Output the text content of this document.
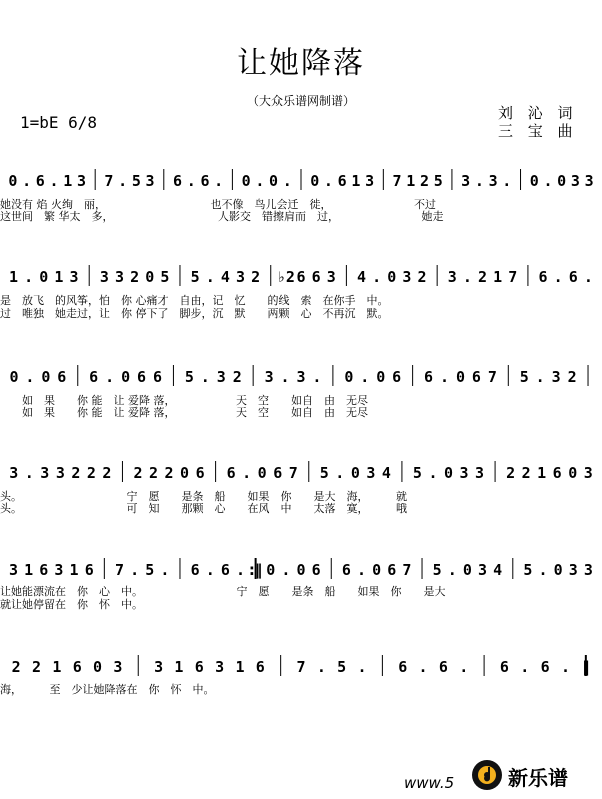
让她降落
（大众乐谱网制谱）
1=bE 6/8	刘 沁 词
三 宝 曲
0 . 6 . 1 3 7 . 5 3 6 . 6 . 0 . 0 . 0 . 6 1 3 7 1 2 5 3 . 3 . 0 . 0 3 3
她没有 焰 火绚　丽，　　　　　　　　　　也不像　鸟儿会迁　徙，　　　　　　　　不过
这世间　繁 华太　多，　　　　　　　　　　人影交　错擦肩而　过，　　　　　　　　她走
1 . 0 1 3 3 3 2 0 5 5 . 4 3 2 ♭2 6 6 3 4 . 0 3 2 3 . 2 1 7 6 . 6 .
是　放飞　的风筝，怕　你 心痛才　自由，记　忆　　的线　索　在你手　中。
过　唯独　她走过，让　你 停下了　脚步，沉　默　　两颗　心　不再沉　默。
0 . 0 6 6 . 0 6 6 5 . 3 2 3 . 3 . 0 . 0 6 6 . 0 6 7 5 . 3 2
　　如　果　　你 能　让 爱降 落，　　　　　　天　空　　如自　由　无尽
　　如　果　　你 能　让 爱降 落，　　　　　　天　空　　如自　由　无尽
3 . 3 3 2 2 2 2 2 2 0 6 6 . 0 6 7 5 . 0 3 4 5 . 0 3 3 2 2 1 6 0 3
头。　　　　　　　　　　宁　愿　　是条　船　　如果　你　　是大　海，　　　就
头。　　　　　　　　　　可　知　　那颗　心　　在风　中　　太落　寞，　　　哦
3 1 6 3 1 6 7 . 5 . 6 . 6 . :‖ 0 . 0 6 6 . 0 6 7 5 . 0 3 4 5 . 0 3 3
让她能漂流在　你　心　中。　　　　　　　　　宁　愿　　是条　船　　如果　你　　是大
就让她停留在　你　怀　中。
2 2 1 6 0 3 3 1 6 3 1 6 7 . 5 . 6 . 6 . 6 . 6 . ‖
海，　　　至　少让她降落在　你　怀　中。
www.5	新乐谱
